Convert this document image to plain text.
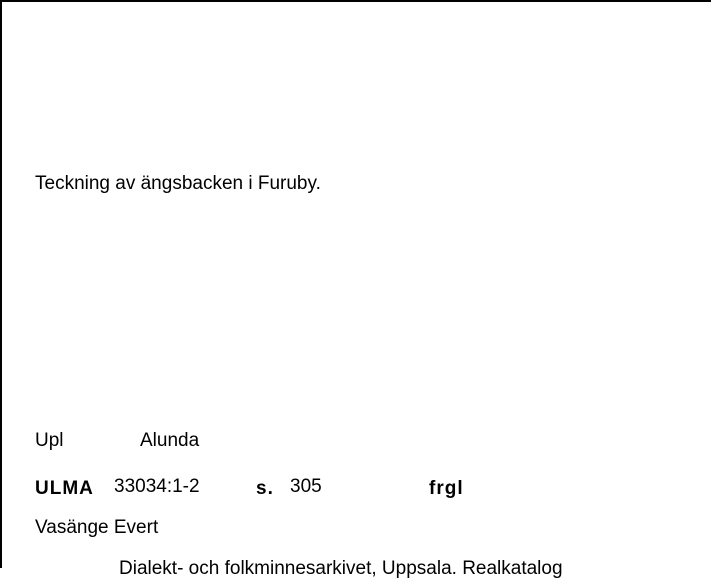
Teckning av ängsbacken i Furuby.
Upl	Alunda
ULMA 33034:1-2	s. 305	frgl
Vasänge Evert
Dialekt- och folkminnesarkivet, Uppsala. Realkatalog
